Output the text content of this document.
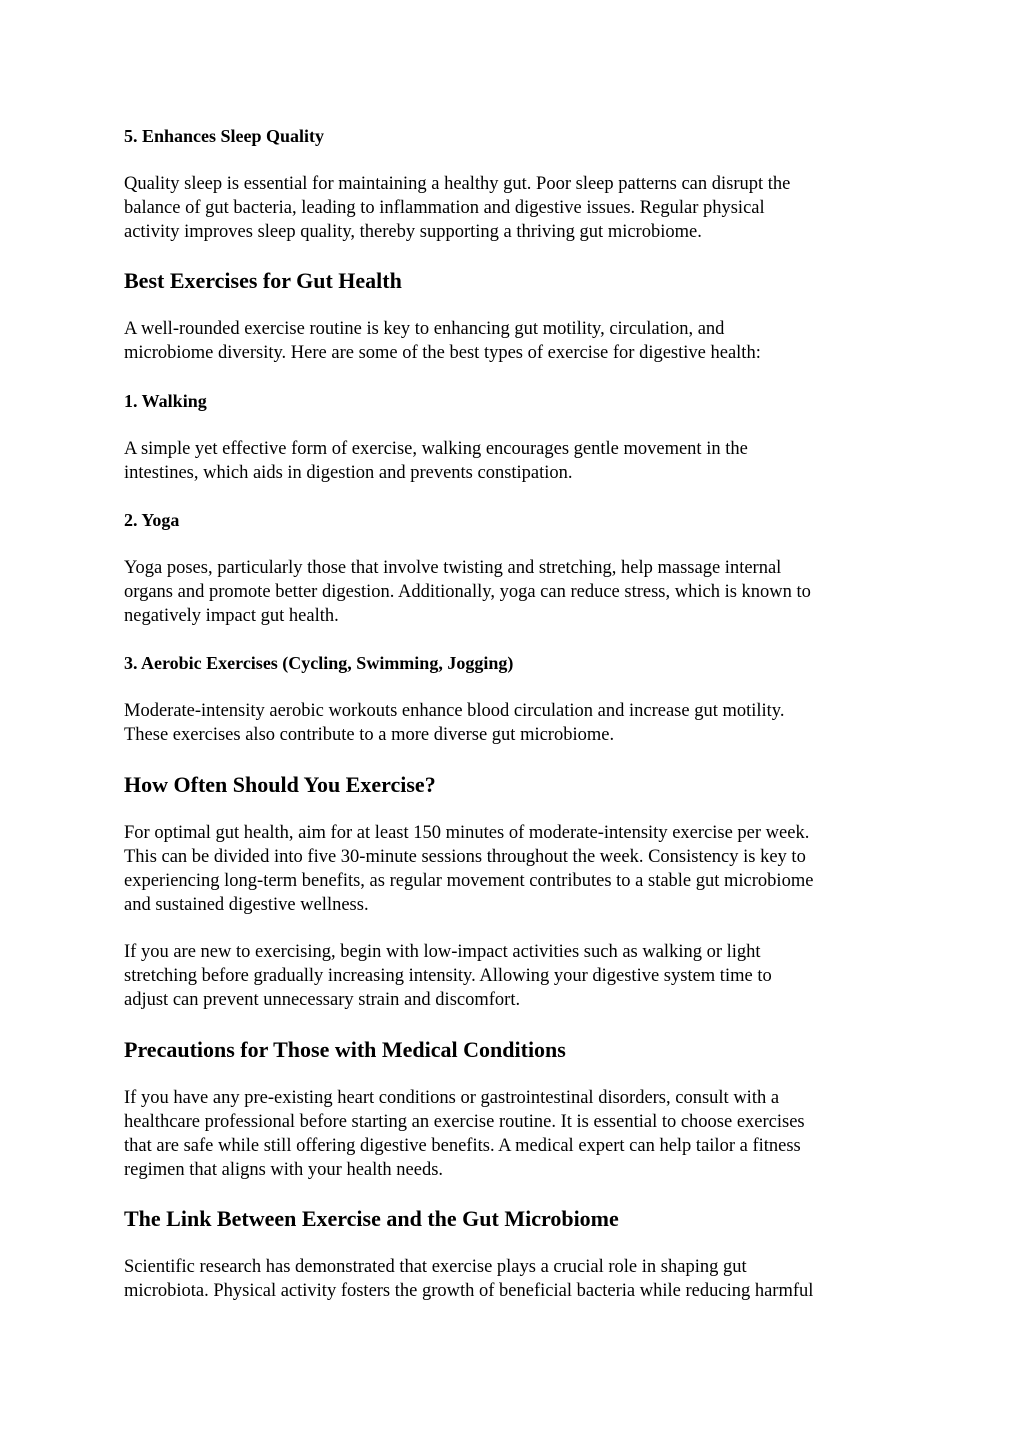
5. Enhances Sleep Quality
Quality sleep is essential for maintaining a healthy gut. Poor sleep patterns can disrupt the
balance of gut bacteria, leading to inflammation and digestive issues. Regular physical
activity improves sleep quality, thereby supporting a thriving gut microbiome.
Best Exercises for Gut Health
A well-rounded exercise routine is key to enhancing gut motility, circulation, and
microbiome diversity. Here are some of the best types of exercise for digestive health:
1. Walking
A simple yet effective form of exercise, walking encourages gentle movement in the
intestines, which aids in digestion and prevents constipation.
2. Yoga
Yoga poses, particularly those that involve twisting and stretching, help massage internal
organs and promote better digestion. Additionally, yoga can reduce stress, which is known to
negatively impact gut health.
3. Aerobic Exercises (Cycling, Swimming, Jogging)
Moderate-intensity aerobic workouts enhance blood circulation and increase gut motility.
These exercises also contribute to a more diverse gut microbiome.
How Often Should You Exercise?
For optimal gut health, aim for at least 150 minutes of moderate-intensity exercise per week.
This can be divided into five 30-minute sessions throughout the week. Consistency is key to
experiencing long-term benefits, as regular movement contributes to a stable gut microbiome
and sustained digestive wellness.
If you are new to exercising, begin with low-impact activities such as walking or light
stretching before gradually increasing intensity. Allowing your digestive system time to
adjust can prevent unnecessary strain and discomfort.
Precautions for Those with Medical Conditions
If you have any pre-existing heart conditions or gastrointestinal disorders, consult with a
healthcare professional before starting an exercise routine. It is essential to choose exercises
that are safe while still offering digestive benefits. A medical expert can help tailor a fitness
regimen that aligns with your health needs.
The Link Between Exercise and the Gut Microbiome
Scientific research has demonstrated that exercise plays a crucial role in shaping gut
microbiota. Physical activity fosters the growth of beneficial bacteria while reducing harmful
